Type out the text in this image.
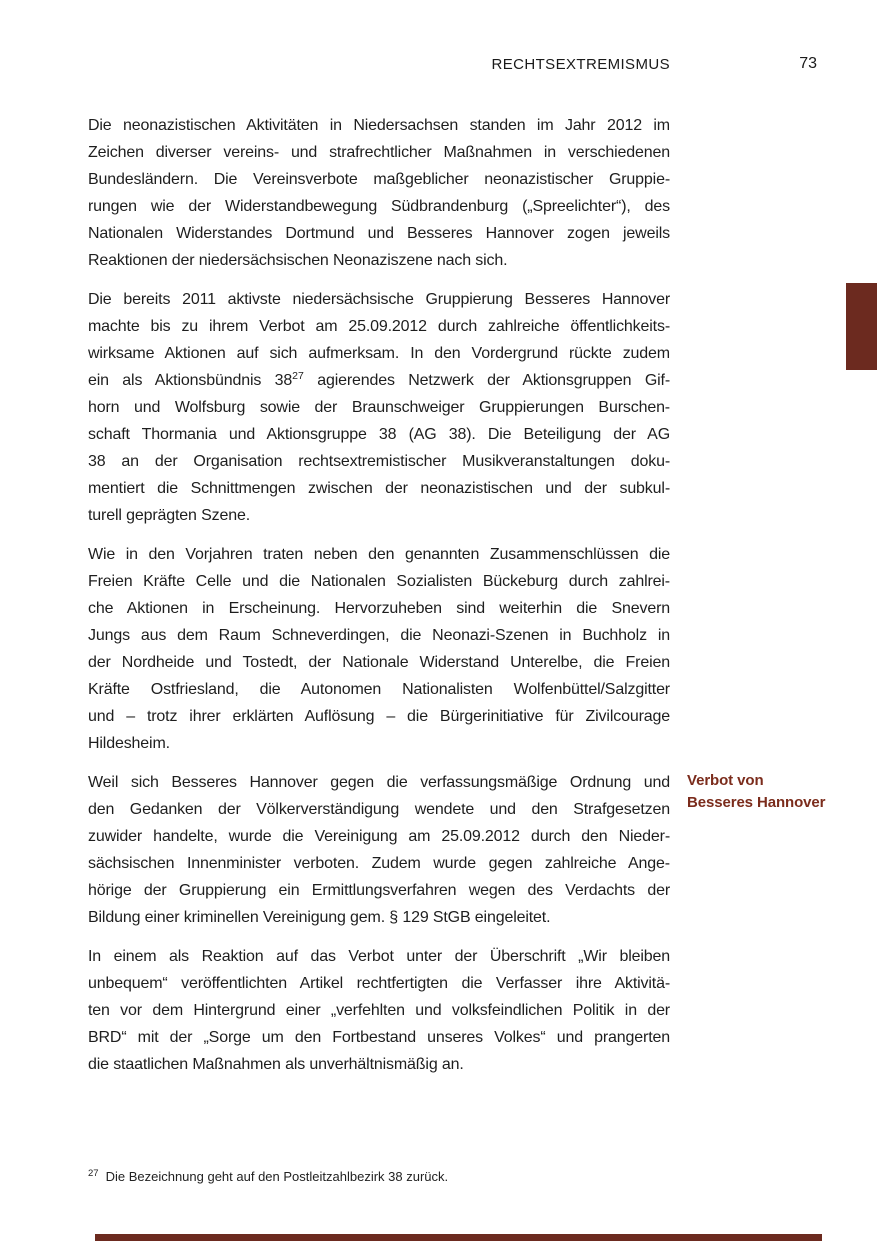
RECHTSEXTREMISMUS	73
Die neonazistischen Aktivitäten in Niedersachsen standen im Jahr 2012 im
Zeichen diverser vereins- und strafrechtlicher Maßnahmen in verschiedenen
Bundesländern. Die Vereinsverbote maßgeblicher neonazistischer Gruppie-
rungen wie der Widerstandbewegung Südbrandenburg („Spreelichter“), des
Nationalen Widerstandes Dortmund und Besseres Hannover zogen jeweils
Reaktionen der niedersächsischen Neonaziszene nach sich.
Die bereits 2011 aktivste niedersächsische Gruppierung Besseres Hannover
machte bis zu ihrem Verbot am 25.09.2012 durch zahlreiche öffentlichkeits-
wirksame Aktionen auf sich aufmerksam. In den Vordergrund rückte zudem
ein als Aktionsbündnis $38^{27}$ agierendes Netzwerk der Aktionsgruppen Gif-
horn und Wolfsburg sowie der Braunschweiger Gruppierungen Burschen-
schaft Thormania und Aktionsgruppe 38 (AG 38). Die Beteiligung der AG
38 an der Organisation rechtsextremistischer Musikveranstaltungen doku-
mentiert die Schnittmengen zwischen der neonazistischen und der subkul-
turell geprägten Szene.
Wie in den Vorjahren traten neben den genannten Zusammenschlüssen die
Freien Kräfte Celle und die Nationalen Sozialisten Bückeburg durch zahlrei-
che Aktionen in Erscheinung. Hervorzuheben sind weiterhin die Snevern
Jungs aus dem Raum Schneverdingen, die Neonazi-Szenen in Buchholz in
der Nordheide und Tostedt, der Nationale Widerstand Unterelbe, die Freien
Kräfte Ostfriesland, die Autonomen Nationalisten Wolfenbüttel/Salzgitter
und – trotz ihrer erklärten Auflösung – die Bürgerinitiative für Zivilcourage
Hildesheim.
Weil sich Besseres Hannover gegen die verfassungsmäßige Ordnung und
den Gedanken der Völkerverständigung wendete und den Strafgesetzen
zuwider handelte, wurde die Vereinigung am 25.09.2012 durch den Nieder-
sächsischen Innenminister verboten. Zudem wurde gegen zahlreiche Ange-
hörige der Gruppierung ein Ermittlungsverfahren wegen des Verdachts der
Bildung einer kriminellen Vereinigung gem. § 129 StGB eingeleitet.
In einem als Reaktion auf das Verbot unter der Überschrift „Wir bleiben
unbequem“ veröffentlichten Artikel rechtfertigten die Verfasser ihre Aktivitä-
ten vor dem Hintergrund einer „verfehlten und volksfeindlichen Politik in der
BRD“ mit der „Sorge um den Fortbestand unseres Volkes“ und prangerten
die staatlichen Maßnahmen als unverhältnismäßig an.
Verbot von
Besseres Hannover
$^{27}$ Die Bezeichnung geht auf den Postleitzahlbezirk 38 zurück.
